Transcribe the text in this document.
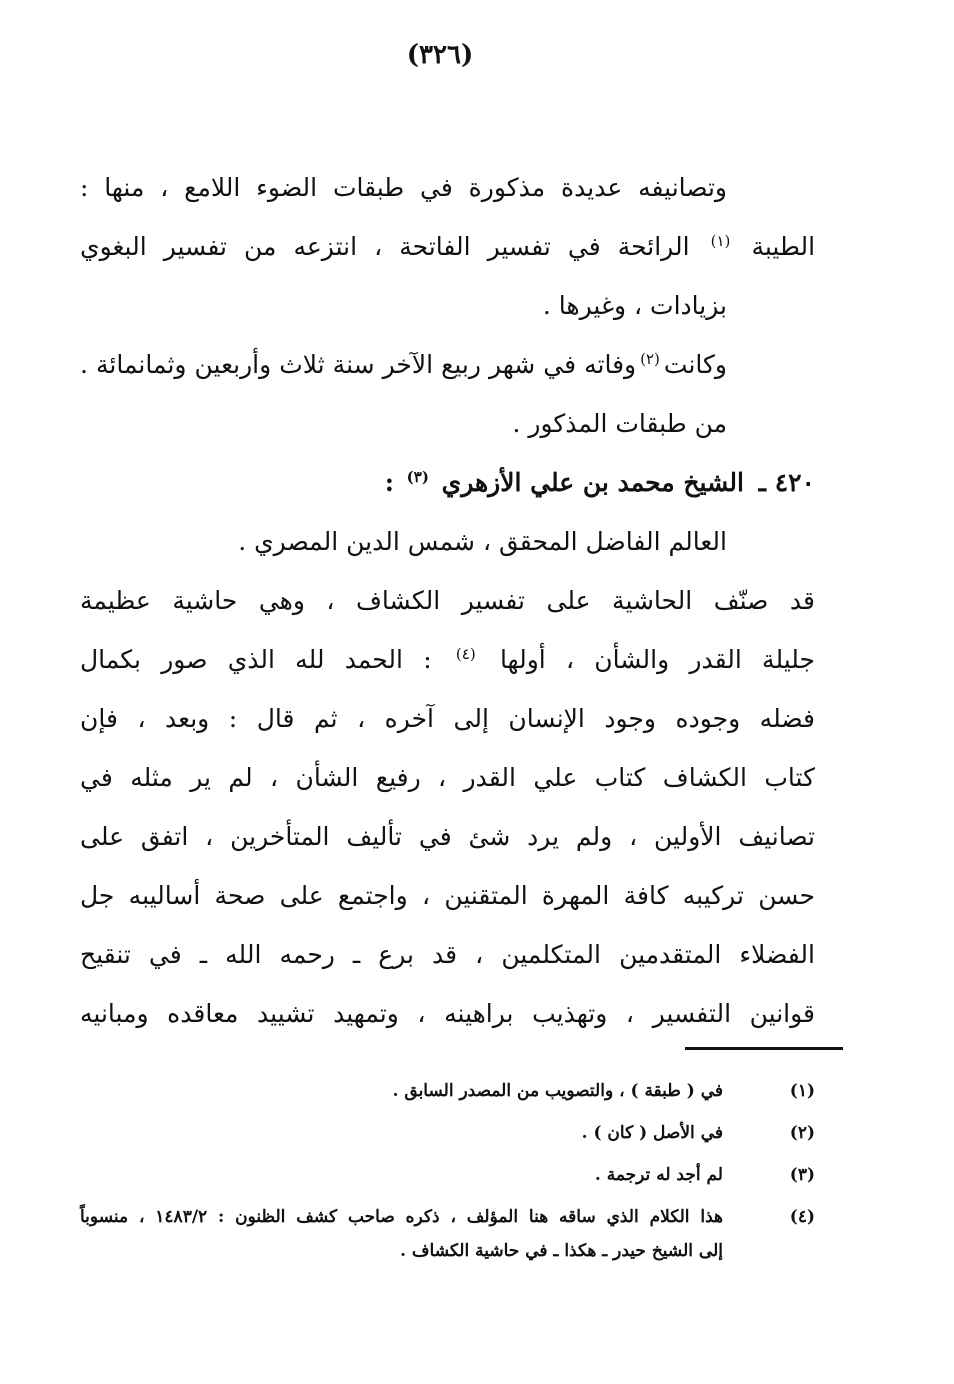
(٣٢٦)
وتصانيفه عديدة مذكورة في طبقات الضوء اللامع ، منها :
الطيبة $^{(١)}$ الرائحة في تفسير الفاتحة ، انتزعه من تفسير البغوي
بزيادات ، وغيرها .
وكانت$^{(٢)}$وفاته في شهر ربيع الآخر سنة ثلاث وأربعين وثمانمائة .
من طبقات المذكور .
٤٢٠ ـ الشيخ محمد بن علي الأزهري $^{(٣)}$ :
العالم الفاضل المحقق ، شمس الدين المصري .
قد صنّف الحاشية على تفسير الكشاف ، وهي حاشية عظيمة
جليلة القدر والشأن ، أولها $^{(٤)}$ : الحمد لله الذي صور بكمال
فضله وجوده وجود الإنسان إلى آخره ، ثم قال : وبعد ، فإن
كتاب الكشاف كتاب علي القدر ، رفيع الشأن ، لم ير مثله في
تصانيف الأولين ، ولم يرد شئ في تأليف المتأخرين ، اتفق على
حسن تركيبه كافة المهرة المتقنين ، واجتمع على صحة أساليبه جل
الفضلاء المتقدمين المتكلمين ، قد برع ـ رحمه الله ـ في تنقيح
قوانين التفسير ، وتهذيب براهينه ، وتمهيد تشييد معاقده ومبانيه
(١)
في ( طبقة ) ، والتصويب من المصدر السابق .
(٢)
في الأصل ( كان ) .
(٣)
لم أجد له ترجمة .
(٤)
هذا الكلام الذي ساقه هنا المؤلف ، ذكره صاحب كشف الظنون : ١٤٨٣/٢ ، منسوباً
إلى الشيخ حيدر ـ هكذا ـ في حاشية الكشاف .
